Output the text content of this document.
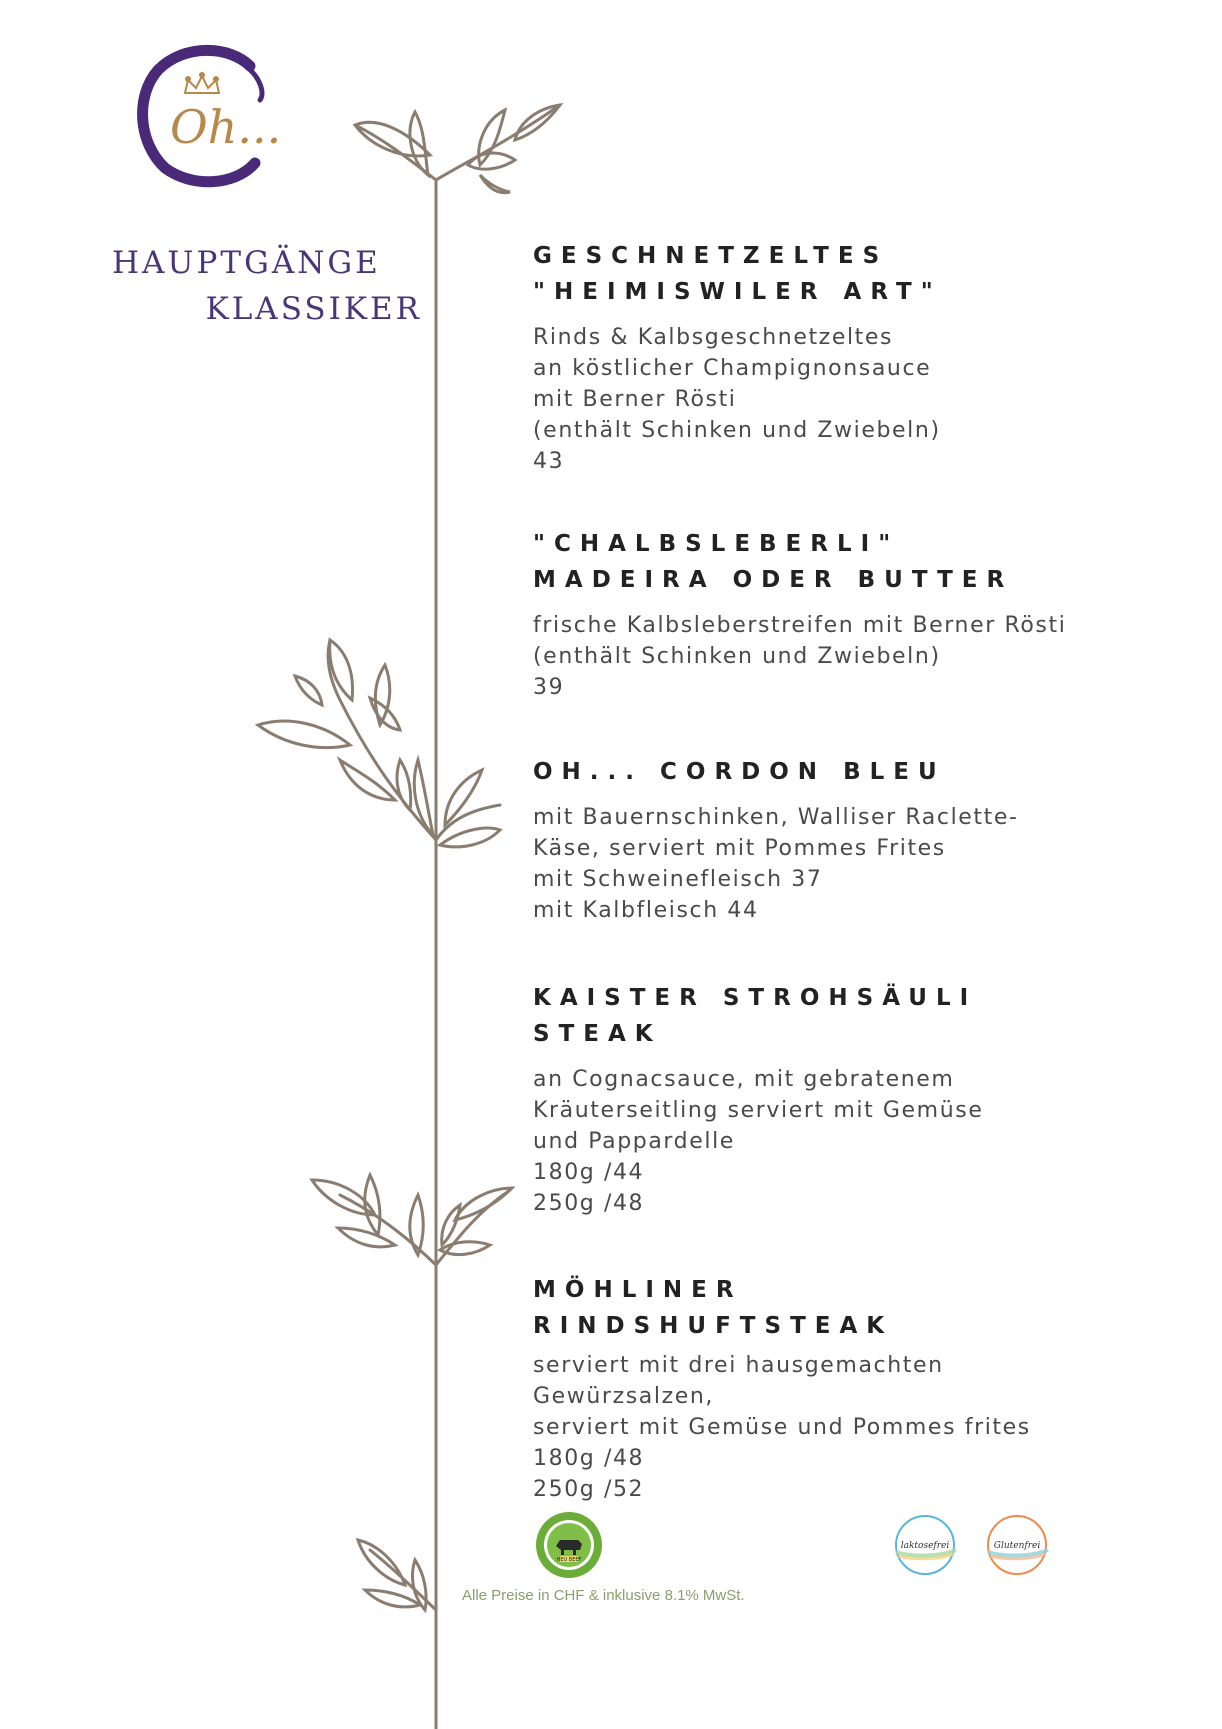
Oh...
HAUPTGÄNGE
KLASSIKER
GESCHNETZELTES
"HEIMISWILER ART"
Rinds & Kalbsgeschnetzeltes
an köstlicher Champignonsauce
mit Berner Rösti
(enthält Schinken und Zwiebeln)
43
"CHALBSLEBERLI"
MADEIRA ODER BUTTER
frische Kalbsleberstreifen mit Berner Rösti
(enthält Schinken und Zwiebeln)
39
OH... CORDON BLEU
mit Bauernschinken, Walliser Raclette-
Käse, serviert mit Pommes Frites
mit Schweinefleisch 37
mit Kalbfleisch 44
KAISTER STROHSÄULI
STEAK
an Cognacsauce, mit gebratenem
Kräuterseitling serviert mit Gemüse
und Pappardelle
180g /44
250g /48
MÖHLINER
RINDSHUFTSTEAK
serviert mit drei hausgemachten
Gewürzsalzen,
serviert mit Gemüse und Pommes frites
180g /48
250g /52
HEU BEEF
laktosefrei	Glutenfrei
Alle Preise in CHF & inklusive 8.1% MwSt.
